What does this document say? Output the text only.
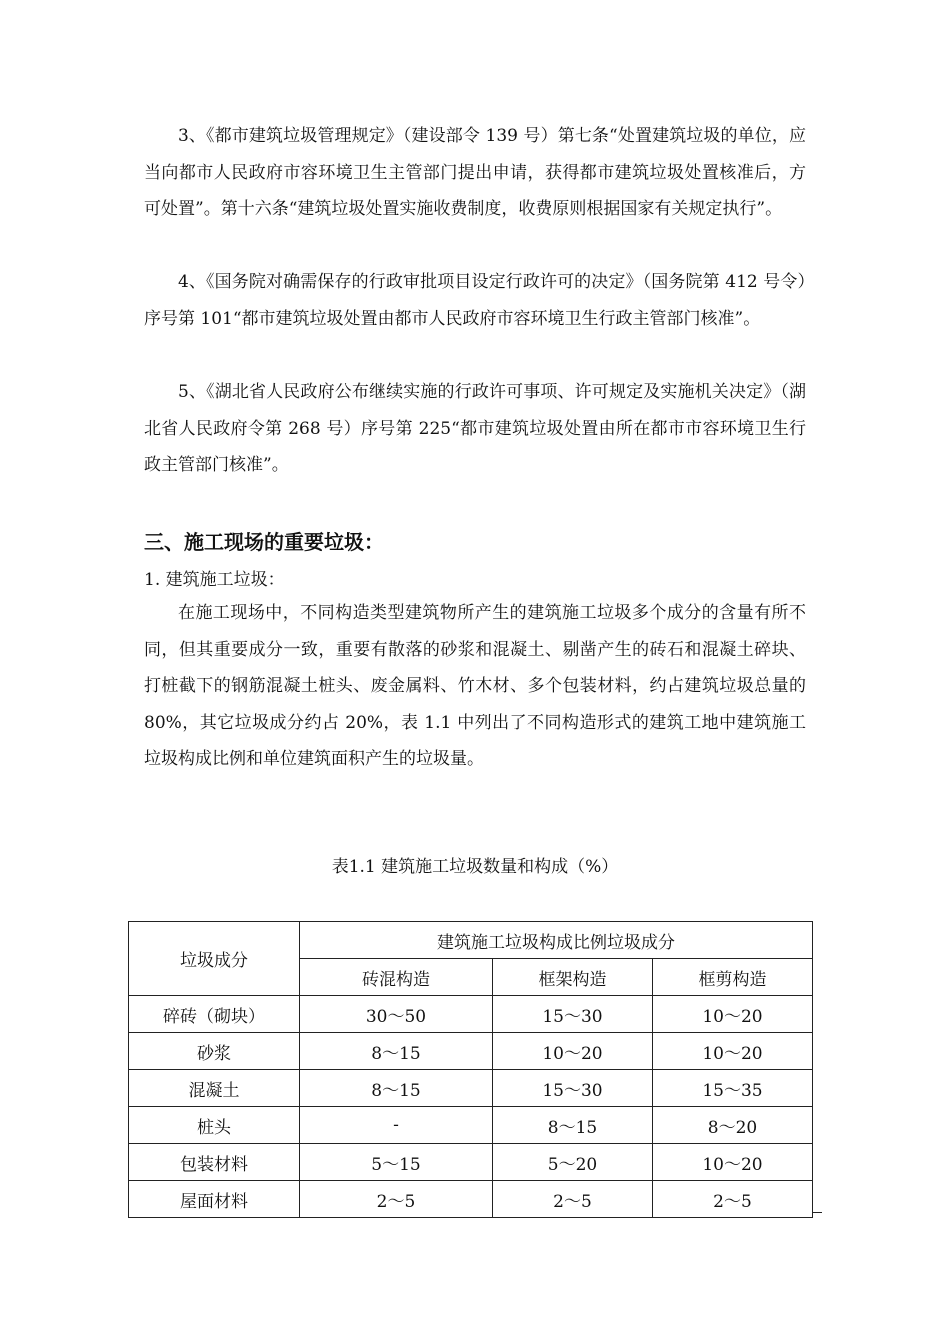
3、《都市建筑垃圾管理规定》（建设部令 139 号）第七条“处置建筑垃圾的单位，应当向都市人民政府市容环境卫生主管部门提出申请，获得都市建筑垃圾处置核准后，方可处置”。第十六条“建筑垃圾处置实施收费制度，收费原则根据国家有关规定执行”。

4、《国务院对确需保存的行政审批项目设定行政许可的决定》（国务院第 412 号令）序号第 101“都市建筑垃圾处置由都市人民政府市容环境卫生行政主管部门核准”。

5、《湖北省人民政府公布继续实施的行政许可事项、许可规定及实施机关决定》（湖北省人民政府令第 268 号）序号第 225“都市建筑垃圾处置由所在都市市容环境卫生行政主管部门核准”。

三、施工现场的重要垃圾：

1. 建筑施工垃圾：

在施工现场中，不同构造类型建筑物所产生的建筑施工垃圾多个成分的含量有所不同，但其重要成分一致，重要有散落的砂浆和混凝土、剔凿产生的砖石和混凝土碎块、打桩截下的钢筋混凝土桩头、废金属料、竹木材、多个包装材料，约占建筑垃圾总量的 80%，其它垃圾成分约占 20%，表 1.1 中列出了不同构造形式的建筑工地中建筑施工垃圾构成比例和单位建筑面积产生的垃圾量。

表1.1 建筑施工垃圾数量和构成（%）

垃圾成分	建筑施工垃圾构成比例垃圾成分		
	砖混构造	框架构造	框剪构造
碎砖（砌块）	30～50	15～30	10～20
砂浆	8～15	10～20	10～20
混凝土	8～15	15～30	15～35
桩头	-	8～15	8～20
包装材料	5～15	5～20	10～20
屋面材料	2～5	2～5	2～5
